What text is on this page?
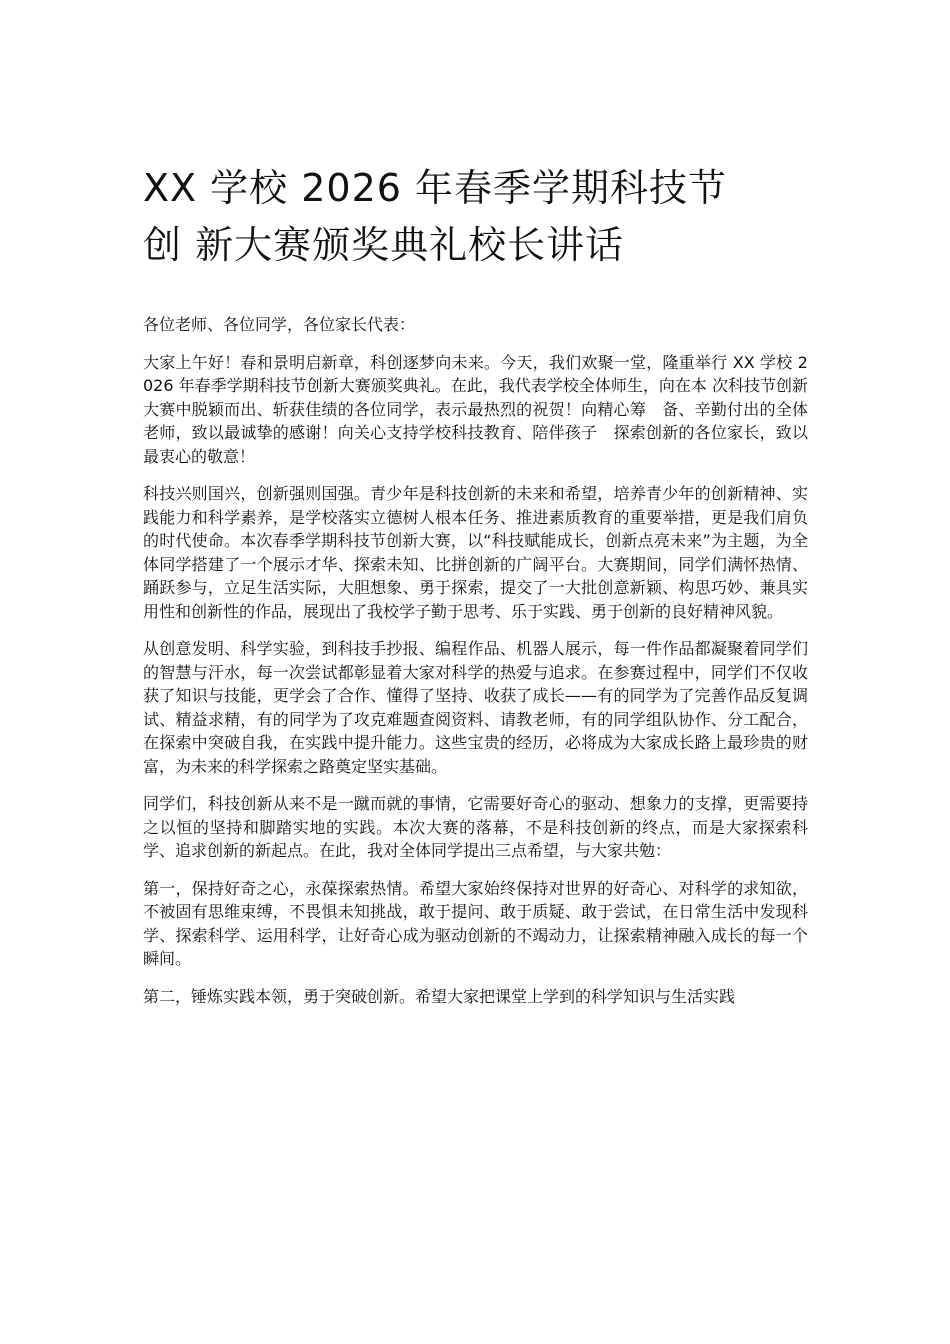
XX 学校 2026 年春季学期科技节
创 新大赛颁奖典礼校长讲话

各位老师、各位同学，各位家长代表：

大家上午好！春和景明启新章，科创逐梦向未来。今天，我们欢聚一堂，隆重举行 XX 学校 2026 年春季学期科技节创新大赛颁奖典礼。在此，我代表学校全体师生，向在本 次科技节创新大赛中脱颖而出、斩获佳绩的各位同学，表示最热烈的祝贺！向精心筹　备、辛勤付出的全体老师，致以最诚挚的感谢！向关心支持学校科技教育、陪伴孩子　探索创新的各位家长，致以最衷心的敬意！

科技兴则国兴，创新强则国强。青少年是科技创新的未来和希望，培养青少年的创新精神、实践能力和科学素养，是学校落实立德树人根本任务、推进素质教育的重要举措，更是我们肩负的时代使命。本次春季学期科技节创新大赛，以“科技赋能成长，创新点亮未来”为主题，为全体同学搭建了一个展示才华、探索未知、比拼创新的广阔平台。大赛期间，同学们满怀热情、踊跃参与，立足生活实际，大胆想象、勇于探索，提交了一大批创意新颖、构思巧妙、兼具实用性和创新性的作品，展现出了我校学子勤于思考、乐于实践、勇于创新的良好精神风貌。

从创意发明、科学实验，到科技手抄报、编程作品、机器人展示，每一件作品都凝聚着同学们的智慧与汗水，每一次尝试都彰显着大家对科学的热爱与追求。在参赛过程中，同学们不仅收获了知识与技能，更学会了合作、懂得了坚持、收获了成长——有的同学为了完善作品反复调试、精益求精，有的同学为了攻克难题查阅资料、请教老师，有的同学组队协作、分工配合，在探索中突破自我，在实践中提升能力。这些宝贵的经历，必将成为大家成长路上最珍贵的财富，为未来的科学探索之路奠定坚实基础。

同学们，科技创新从来不是一蹴而就的事情，它需要好奇心的驱动、想象力的支撑，更需要持之以恒的坚持和脚踏实地的实践。本次大赛的落幕，不是科技创新的终点，而是大家探索科学、追求创新的新起点。在此，我对全体同学提出三点希望，与大家共勉：

第一，保持好奇之心，永葆探索热情。希望大家始终保持对世界的好奇心、对科学的求知欲，不被固有思维束缚，不畏惧未知挑战，敢于提问、敢于质疑、敢于尝试，在日常生活中发现科学、探索科学、运用科学，让好奇心成为驱动创新的不竭动力，让探索精神融入成长的每一个瞬间。

第二，锤炼实践本领，勇于突破创新。希望大家把课堂上学到的科学知识与生活实践
